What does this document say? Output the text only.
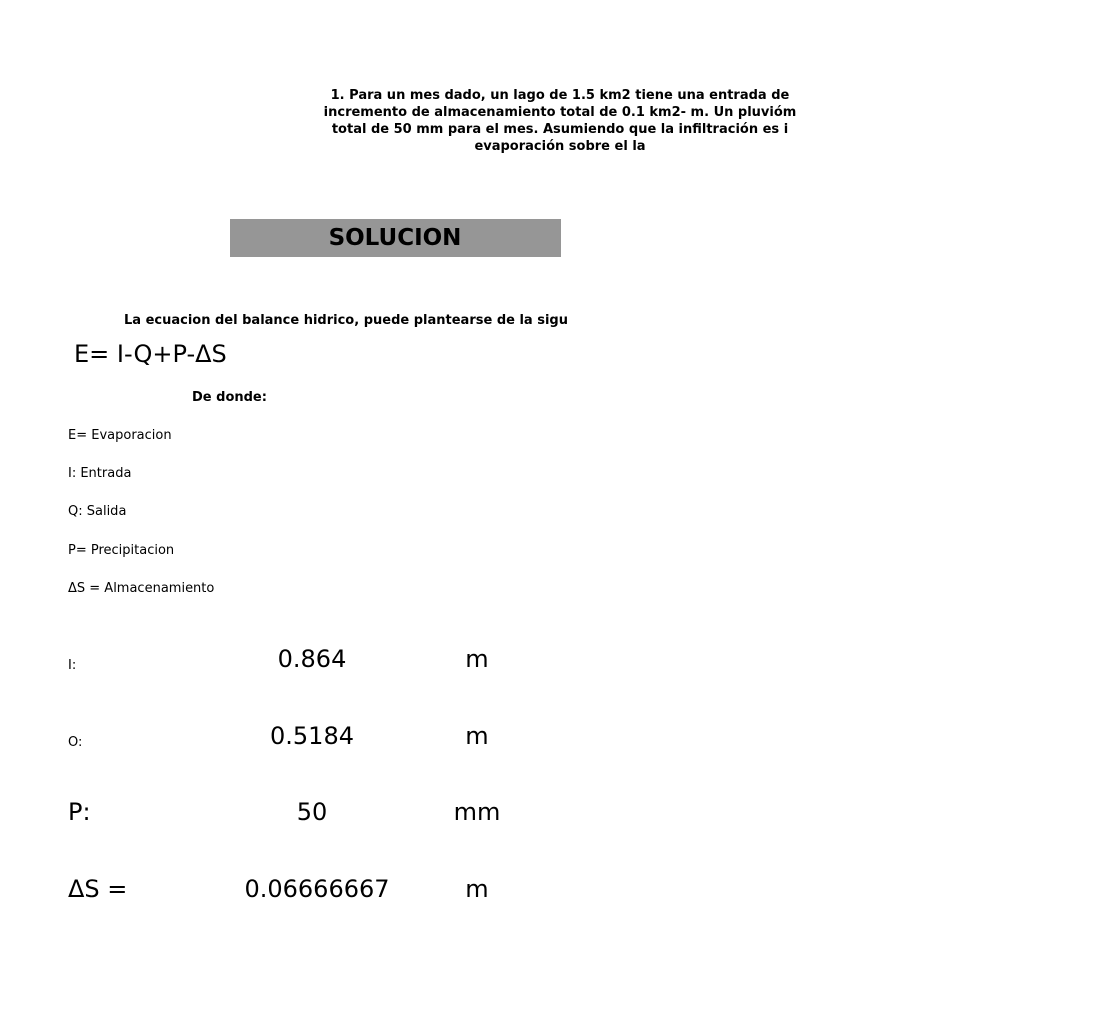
1. Para un mes dado, un lago de 1.5 km2 tiene una entrada de
incremento de almacenamiento total de 0.1 km2- m. Un pluvióm
total de 50 mm para el mes. Asumiendo que la infiltración es i
evaporación sobre el la
SOLUCION
La ecuacion del balance hidrico, puede plantearse de la sigu
E= I-Q+P-ΔS
De donde:
E= Evaporacion
I: Entrada
Q: Salida
P= Precipitacion
ΔS = Almacenamiento
I:	0.864	m
O:	0.5184	m
P:	50	mm
ΔS =	0.06666667	m
